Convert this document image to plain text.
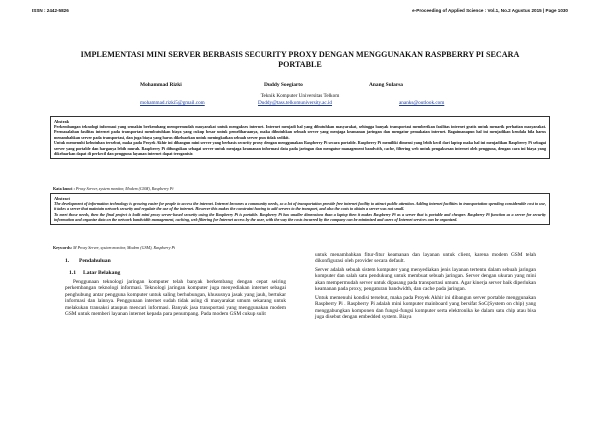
ISSN : 2442-5826	e-Proceeding of Applied Science : Vol.1, No.2 Agustus 2015 | Page 1030
IMPLEMENTASI MINI SERVER BERBASIS SECURITY PROXY DENGAN MENGGUNAKAN RASPBERRY PI SECARA PORTABLE
Mohammad Rizki	Duddy Soegiarto	Anang Sularsa
Teknik Komputer Universitas Telkom
mohammad.rizki5@gmail.com	Duddy@tass.telkomuniversity.ac.id	ananks@outlook.com
Abstrak
Perkembangan teknologi informasi yang semakin berkembang mempermudah masyarakat untuk mengakses internet. Internet menjadi hal yang dibutuhkan masyarakat, sehingga banyak transportasi memberikan fasilitas internet gratis untuk menarik perhatian masyarakat. Permasalahan fasilitas internet pada transportasi membutuhkan biaya yang cukup besar untuk pemeliharaanya, maka dibutuhkan sebuah server yang menjaga keamanan jaringan dan mengatur pemakaian internet. Bagaimanapun hal ini menjadikan kendala bila harus menambahkan server pada transportasi, dan juga biaya yang harus dikeluarkan untuk meningkatkan sebuah server pun tidak sedikit.
Untuk memenuhi kebutuhan tersebut, maka pada Proyek Akhir ini dibangun mini server yang berbasis security proxy dengan menggunakan Raspberry Pi secara portable. Raspberry Pi memiliki dimensi yang lebih kecil dari laptop maka hal ini menjadikan Raspberry Pi sebagai server yang portable dan harganya lebih murah. Raspberry Pi difungsikan sebagai server untuk menjaga keamanan informasi data pada jaringan dan mengatur management bandwith, cache, filtering web untuk pengaksesan internet oleh pengguna, dengan cara ini biaya yang dikeluarkan dapat di perkecil dan pengguna layanan internet dapat teroganisir.
Kata kunci : Proxy Server, system monitor, Modem (GSM), Raspberry Pi
Abstract
The development of information technology is growing easier for people to access the internet. Internet becomes a community needs, so a lot of transportation provide free internet facility to attract public attention. Adding internet facilities in transportation spending considerable cost to use, it takes a server that maintain network security and regulate the use of the internet. However this makes the constraint having to add servers to the transport, and also the costs to obtain a server was not small.
To meet those needs, then the final project is built mini proxy server-based security using the Raspberry Pi is portable. Raspberry Pi has smaller dimensions than a laptop then it makes Raspberry Pi as a server that is portable and cheaper. Raspberry Pi function as a server for security information and organize data on the network bandwidth management, caching, web filtering for Internet access by the user, with the way the costs incurred by the company can be minimized and users of Internet services can be organized.
Keywords: M Proxy Server, system monitor, Modem (GSM), Raspberry Pi
1. Pendahuluan
1.1 Latar Belakang

Penggunaan teknologi jaringan komputer telah banyak berkembang dengan cepat seiring perkembangan teknologi informasi. Teknologi jaringan komputer juga menyediakan internet sebagai penghubung antar pengguna komputer untuk saling berhubungan, khususnya jasak yang jauh, bertukar informasi dan lainnya. Penggunaan internet sudah tidak asing di masyarakat umum sekarang untuk melakukan transaksi ataupun mencari informasi. Banyak jasa transportasi yang menggunakan modem GSM untuk memberi layanan internet kepada para penumpang. Pada modem GSM cukup sulit

untuk menambahkan fitur-fitur keamanan dan layanan untuk client, karena modem GSM telah dikonfigurasi oleh provider secara default.

Server adalah sebuah sistem komputer yang menyediakan jenis layanan tertentu dalam sebuah jaringan komputer dan salah satu pendukung untuk membuat sebuah jaringan. Server dengan ukuran yang mini akan mempermudah server untuk dipasang pada transportasi umum. Agar kinerja server baik diperlukan keamanan pada proxy, pengaturan bandwidth, dan cache pada jaringan.

Untuk memenuhi kondisi tersebut, maka pada Proyek Akhir ini dibangun server portable menggunakan Raspberry Pi . Raspberry Pi adalah mini komputer mainboard yang bersifat SoC(System on chip) yang menggabungkan komponen dan fungsi-fungsi komputer serta elektronika ke dalam satu chip atau bisa juga disebut dengan embedded system. Biaya
